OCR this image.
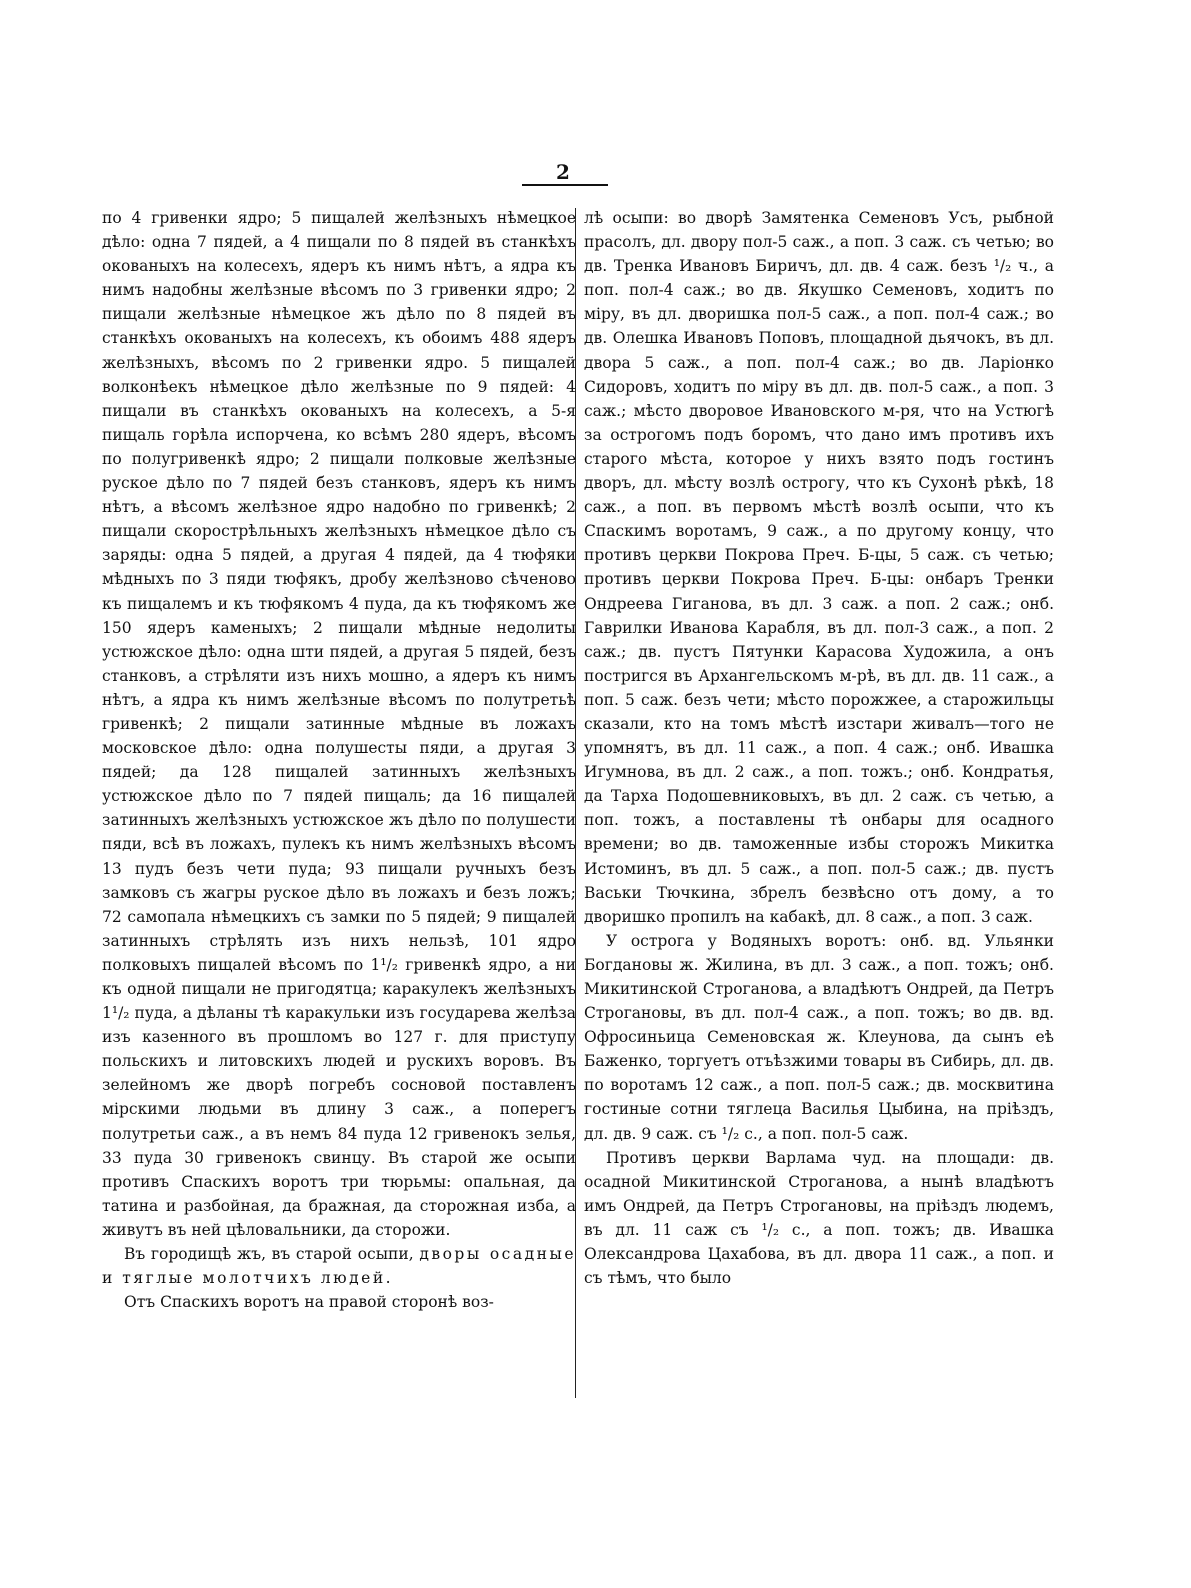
2

по 4 гривенки ядро; 5 пищалей желѣзныхъ нѣмецкое дѣло: одна 7 пядей, а 4 пищали по 8 пядей въ станкѣхъ окованыхъ на колесехъ, ядеръ къ нимъ нѣтъ, а ядра къ нимъ надобны желѣзные вѣсомъ по 3 гривенки ядро; 2 пищали желѣзные нѣмецкое жъ дѣло по 8 пядей въ станкѣхъ окованыхъ на колесехъ, къ обоимъ 488 ядеръ желѣзныхъ, вѣсомъ по 2 гривенки ядро. 5 пищалей волконѣекъ нѣмецкое дѣло желѣзные по 9 пядей: 4 пищали въ станкѣхъ окованыхъ на колесехъ, а 5-я пищаль горѣла испорчена, ко всѣмъ 280 ядеръ, вѣсомъ по полугривенкѣ ядро; 2 пищали полковые желѣзные руское дѣло по 7 пядей безъ станковъ, ядеръ къ нимъ нѣтъ, а вѣсомъ желѣзное ядро надобно по гривенкѣ; 2 пищали скорострѣльныхъ желѣзныхъ нѣмецкое дѣло съ заряды: одна 5 пядей, а другая 4 пядей, да 4 тюфяки мѣдныхъ по 3 пяди тюфякъ, дробу желѣзново сѣченово къ пищалемъ и къ тюфякомъ 4 пуда, да къ тюфякомъ же 150 ядеръ каменыхъ; 2 пищали мѣдные недолиты устюжское дѣло: одна шти пядей, а другая 5 пядей, безъ станковъ, а стрѣляти изъ нихъ мошно, а ядеръ къ нимъ нѣтъ, а ядра къ нимъ желѣзные вѣсомъ по полутретьѣ гривенкѣ; 2 пищали затинные мѣдные въ ложахъ московское дѣло: одна полушесты пяди, а другая 3 пядей; да 128 пищалей затинныхъ желѣзныхъ устюжское дѣло по 7 пядей пищаль; да 16 пищалей затинныхъ желѣзныхъ устюжское жъ дѣло по полушести пяди, всѣ въ ложахъ, пулекъ къ нимъ желѣзныхъ вѣсомъ 13 пудъ безъ чети пуда; 93 пищали ручныхъ безъ замковъ съ жагры руское дѣло въ ложахъ и безъ ложъ; 72 самопала нѣмецкихъ съ замки по 5 пядей; 9 пищалей затинныхъ стрѣлять изъ нихъ нельзѣ, 101 ядро полковыхъ пищалей вѣсомъ по 1¹/₂ гривенкѣ ядро, а ни къ одной пищали не пригодятца; каракулекъ желѣзныхъ 1¹/₂ пуда, а дѣланы тѣ каракульки изъ государева желѣза изъ казенного въ прошломъ во 127 г. для приступу польскихъ и литовскихъ людей и рускихъ воровъ. Въ зелейномъ же дворѣ погребъ сосновой поставленъ мірскими людьми въ длину 3 саж., а поперегъ полутретьи саж., а въ немъ 84 пуда 12 гривенокъ зелья, 33 пуда 30 гривенокъ свинцу. Въ старой же осыпи противъ Спаскихъ воротъ три тюрьмы: опальная, да татина и разбойная, да бражная, да сторожная изба, а живутъ въ ней цѣловальники, да сторожи.

Въ городищѣ жъ, въ старой осыпи, дворы осадные и тяглые молотчихъ людей.

Отъ Спаскихъ воротъ на правой сторонѣ воз-

лѣ осыпи: во дворѣ Замятенка Семеновъ Усъ, рыбной прасолъ, дл. двору пол-5 саж., а поп. 3 саж. съ четью; во дв. Тренка Ивановъ Биричъ, дл. дв. 4 саж. безъ ¹/₂ ч., а поп. пол-4 саж.; во дв. Якушко Семеновъ, ходитъ по міру, въ дл. дворишка пол-5 саж., а поп. пол-4 саж.; во дв. Олешка Ивановъ Поповъ, площадной дьячокъ, въ дл. двора 5 саж., а поп. пол-4 саж.; во дв. Ларіонко Сидоровъ, ходитъ по міру въ дл. дв. пол-5 саж., а поп. 3 саж.; мѣсто дворовое Ивановского м-ря, что на Устюгѣ за острогомъ подъ боромъ, что дано имъ противъ ихъ старого мѣста, которое у нихъ взято подъ гостинъ дворъ, дл. мѣсту возлѣ острогу, что къ Сухонѣ рѣкѣ, 18 саж., а поп. въ первомъ мѣстѣ возлѣ осыпи, что къ Спаскимъ воротамъ, 9 саж., а по другому концу, что противъ церкви Покрова Преч. Б-цы, 5 саж. съ четью; противъ церкви Покрова Преч. Б-цы: онбаръ Тренки Ондреева Гиганова, въ дл. 3 саж. а поп. 2 саж.; онб. Гаврилки Иванова Карабля, въ дл. пол-3 саж., а поп. 2 саж.; дв. пустъ Пятунки Карасова Художила, а онъ постригся въ Архангельскомъ м-рѣ, въ дл. дв. 11 саж., а поп. 5 саж. безъ чети; мѣсто порожжее, а старожильцы сказали, кто на томъ мѣстѣ изстари живалъ—того не упомнятъ, въ дл. 11 саж., а поп. 4 саж.; онб. Ивашка Игумнова, въ дл. 2 саж., а поп. тожъ.; онб. Кондратья, да Тарха Подошевниковыхъ, въ дл. 2 саж. съ четью, а поп. тожъ, а поставлены тѣ онбары для осадного времени; во дв. таможенные избы сторожъ Микитка Истоминъ, въ дл. 5 саж., а поп. пол-5 саж.; дв. пустъ Васьки Тючкина, збрелъ безвѣсно отъ дому, а то дворишко пропилъ на кабакѣ, дл. 8 саж., а поп. 3 саж.

У острога у Водяныхъ воротъ: онб. вд. Ульянки Богдановы ж. Жилина, въ дл. 3 саж., а поп. тожъ; онб. Микитинской Строганова, а владѣютъ Ондрей, да Петръ Строгановы, въ дл. пол-4 саж., а поп. тожъ; во дв. вд. Офросиньица Семеновская ж. Клеунова, да сынъ еѣ Баженко, торгуетъ отъѣзжими товары въ Сибирь, дл. дв. по воротамъ 12 саж., а поп. пол-5 саж.; дв. москвитина гостиные сотни тяглеца Василья Цыбина, на пріѣздъ, дл. дв. 9 саж. съ ¹/₂ с., а поп. пол-5 саж.

Противъ церкви Варлама чуд. на площади: дв. осадной Микитинской Строганова, а нынѣ владѣютъ имъ Ондрей, да Петръ Строгановы, на пріѣздъ людемъ, въ дл. 11 саж съ ¹/₂ с., а поп. тожъ; дв. Ивашка Олександрова Цахабова, въ дл. двора 11 саж., а поп. и съ тѣмъ, что было
